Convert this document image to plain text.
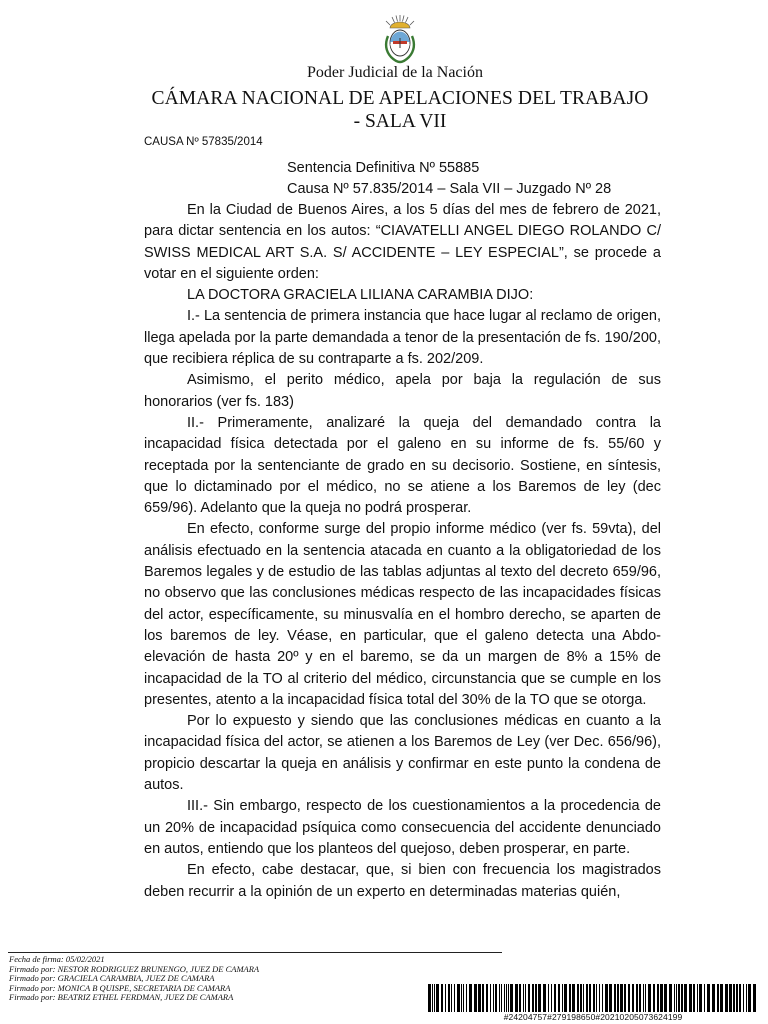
Poder Judicial de la Nación
CÁMARA NACIONAL DE APELACIONES DEL TRABAJO
- SALA VII
CAUSA Nº 57835/2014
Sentencia Definitiva Nº 55885
Causa Nº 57.835/2014 – Sala VII – Juzgado Nº 28

En la Ciudad de Buenos Aires, a los 5 días del mes de febrero de 2021, para dictar sentencia en los autos: “CIAVATELLI ANGEL DIEGO ROLANDO C/ SWISS MEDICAL ART S.A. S/ ACCIDENTE – LEY ESPECIAL”, se procede a votar en el siguiente orden:

LA DOCTORA GRACIELA LILIANA CARAMBIA DIJO:

I.- La sentencia de primera instancia que hace lugar al reclamo de origen, llega apelada por la parte demandada a tenor de la presentación de fs. 190/200, que recibiera réplica de su contraparte a fs. 202/209.

Asimismo, el perito médico, apela por baja la regulación de sus honorarios (ver fs. 183)

II.- Primeramente, analizaré la queja del demandado contra la incapacidad física detectada por el galeno en su informe de fs. 55/60 y receptada por la sentenciante de grado en su decisorio. Sostiene, en síntesis, que lo dictaminado por el médico, no se atiene a los Baremos de ley (dec 659/96). Adelanto que la queja no podrá prosperar.

En efecto, conforme surge del propio informe médico (ver fs. 59vta), del análisis efectuado en la sentencia atacada en cuanto a la obligatoriedad de los Baremos legales y de estudio de las tablas adjuntas al texto del decreto 659/96, no observo que las conclusiones médicas respecto de las incapacidades físicas del actor, específicamente, su minusvalía en el hombro derecho, se aparten de los baremos de ley. Véase, en particular, que el galeno detecta una Abdo-elevación de hasta 20º y en el baremo, se da un margen de 8% a 15% de incapacidad de la TO al criterio del médico, circunstancia que se cumple en los presentes, atento a la incapacidad física total del 30% de la TO que se otorga.

Por lo expuesto y siendo que las conclusiones médicas en cuanto a la incapacidad física del actor, se atienen a los Baremos de Ley (ver Dec. 656/96), propicio descartar la queja en análisis y confirmar en este punto la condena de autos.

III.- Sin embargo, respecto de los cuestionamientos a la procedencia de un 20% de incapacidad psíquica como consecuencia del accidente denunciado en autos, entiendo que los planteos del quejoso, deben prosperar, en parte.

En efecto, cabe destacar, que, si bien con frecuencia los magistrados deben recurrir a la opinión de un experto en determinadas materias quién,

Fecha de firma: 05/02/2021
Firmado por: NESTOR RODRIGUEZ BRUNENGO, JUEZ DE CAMARA
Firmado por: GRACIELA CARAMBIA, JUEZ DE CAMARA
Firmado por: MONICA B QUISPE, SECRETARIA DE CAMARA
Firmado por: BEATRIZ ETHEL FERDMAN, JUEZ DE CAMARA
#24204757#279198650#20210205073624199
